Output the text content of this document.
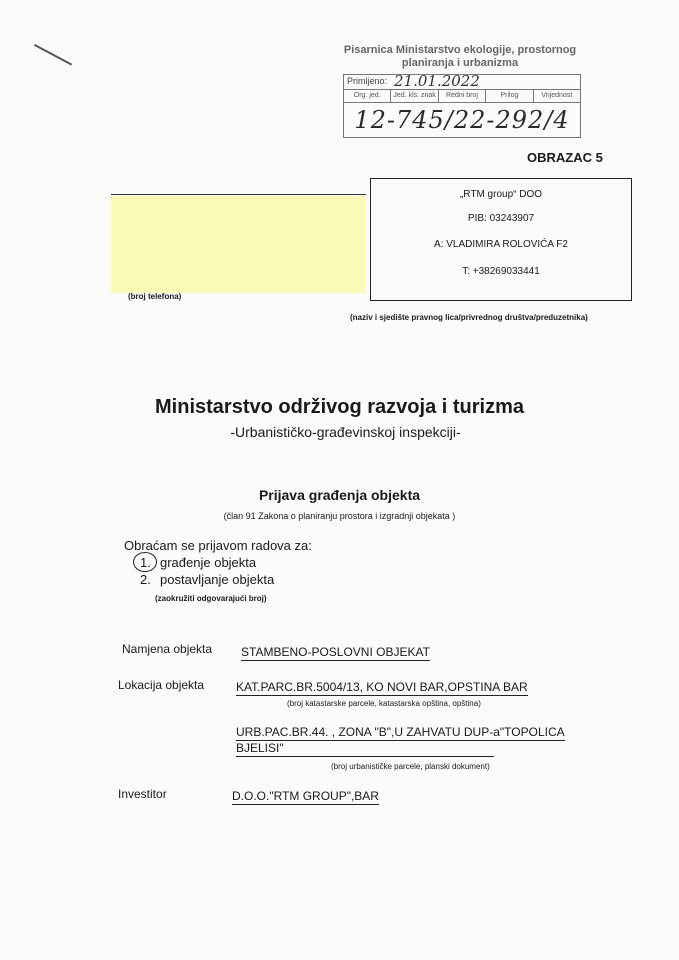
Pisarnica Ministarstvo ekologije, prostornog
planiranja i urbanizma
Primljeno: 21.01.2022
Org. jed.	Jed. kls. znak	Redni broj	Prilog	Vrijednost
12-745/22-292/4
OBRAZAC 5
(broj telefona)
„RTM group“ DOO
PIB: 03243907
A: VLADIMIRA ROLOVIĆA F2
T: +38269033441
(naziv i sjedište pravnog lica/privrednog društva/preduzetnika)
Ministarstvo održivog razvoja i turizma
-Urbanističko-građevinskoj inspekciji-
Prijava građenja objekta
(član 91 Zakona o planiranju prostora i izgradnji objekata )
Obraćam se prijavom radova za:
1. građenje objekta
2. postavljanje objekta
(zaokružiti odgovarajući broj)
Namjena objekta STAMBENO-POSLOVNI OBJEKAT
Lokacija objekta	KAT.PARC.BR.5004/13, KO NOVI BAR,OPSTINA BAR
(broj katastarske parcele, katastarska opština, opština)
URB.PAC.BR.44. , ZONA "B",U ZAHVATU DUP-a"TOPOLICA
BJELISI"
(broj urbanističke parcele, planski dokument)
Investitor	D.O.O."RTM GROUP",BAR
